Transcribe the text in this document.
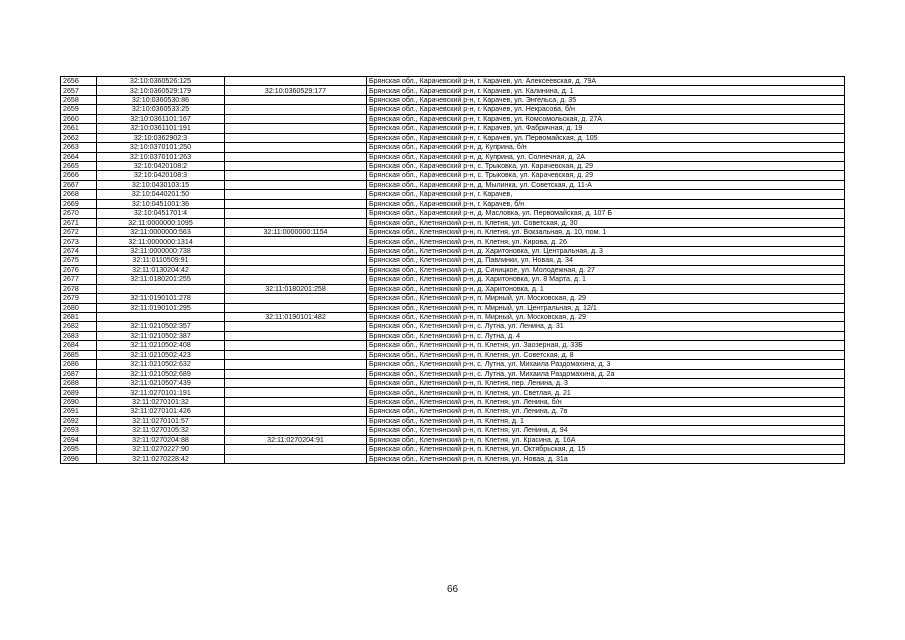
2656	32:10:0360526:125		Брянская обл., Карачевский р-н, г. Карачев, ул. Алексеевская, д. 79А
2657	32:10:0360529:179	32:10:0360529:177	Брянская обл., Карачевский р-н, г. Карачев, ул. Калинина, д. 1
2658	32:10:0360530:86		Брянская обл., Карачевский р-н, г. Карачев, ул. Энгельса, д. 35
2659	32:10:0360533:25		Брянская обл., Карачевский р-н, г. Карачев, ул. Некрасова, б/н
2660	32:10:0361101:167		Брянская обл., Карачевский р-н, г. Карачев, ул. Комсомольская, д. 27А
2661	32:10:0361101:191		Брянская обл., Карачевский р-н, г. Карачев, ул. Фабричная, д. 19
2662	32:10:0362902:3		Брянская обл., Карачевский р-н, г. Карачев, ул. Первомайская, д. 105
2663	32:10:0370101:250		Брянская обл., Карачевский р-н, д. Куприна, б/н
2664	32:10:0370101:263		Брянская обл., Карачевский р-н, д. Куприна, ул. Солнечная, д. 2А
2665	32:10:0420108:2		Брянская обл., Карачевский р-н, с. Трыковка, ул. Карачевская, д. 29
2666	32:10:0420108:3		Брянская обл., Карачевский р-н, с. Трыковка, ул. Карачевская, д. 29
2667	32:10:0430103:15		Брянская обл., Карачевский р-н, д. Мылинка, ул. Советская, д. 11-А
2668	32:10:0440201:50		Брянская обл., Карачевский р-н, г. Карачев,
2669	32:10:0451001:36		Брянская обл., Карачевский р-н, г. Карачев, б/н
2670	32:10:0451701:4		Брянская обл., Карачевский р-н, д. Масловка, ул. Первомайская, д. 107 Б
2671	32:11:0000000:1095		Брянская обл., Клетнянский р-н, п. Клетня, ул. Советская, д. 30
2672	32:11:0000000:563	32:11:0000000:1154	Брянская обл., Клетнянский р-н, п. Клетня, ул. Вокзальная, д. 10, пом. 1
2673	32:11:0000000:1314		Брянская обл., Клетнянский р-н, п. Клетня, ул. Кирова, д. 26
2674	32:11:0000000:738		Брянская обл., Клетнянский р-н, д. Харитоновка, ул. Центральная, д. 3
2675	32:11:0110509:91		Брянская обл., Клетнянский р-н, д. Павлинки, ул. Новая, д. 34
2676	32:11:0130204:42		Брянская обл., Клетнянский р-н, д. Синицкое, ул. Молодежная, д. 27
2677	32:11:0180201:255		Брянская обл., Клетнянский р-н, д. Харитоновка, ул. 8 Марта, д. 1
2678		32:11:0180201:258	Брянская обл., Клетнянский р-н, д. Харитоновка, д. 1
2679	32:11:0190101:278		Брянская обл., Клетнянский р-н, п. Мирный, ул. Московская, д. 29
2680	32:11:0190101:295		Брянская обл., Клетнянский р-н, п. Мирный, ул. Центральная, д. 12/1
2681		32:11:0190101:482	Брянская обл., Клетнянский р-н, п. Мирный, ул. Московская, д. 29
2682	32:11:0210502:357		Брянская обл., Клетнянский р-н, с. Лутна, ул. Ленина, д. 31
2683	32:11:0210502:387		Брянская обл., Клетнянский р-н, с. Лутна, д. 4
2684	32:11:0210502:408		Брянская обл., Клетнянский р-н, п. Клетня, ул. Заозерная, д. 33Б
2685	32:11:0210502:423		Брянская обл., Клетнянский р-н, п. Клетня, ул. Советская, д. 8
2686	32:11:0210502:632		Брянская обл., Клетнянский р-н, с. Лутна, ул. Михаила Раздомахина, д. 3
2687	32:11:0210502:689		Брянская обл., Клетнянский р-н, с. Лутна, ул. Михаила Раздомахина, д. 2а
2688	32:11:0210507:439		Брянская обл., Клетнянский р-н, п. Клетня, пер. Ленина, д. 3
2689	32:11:0270101:191		Брянская обл., Клетнянский р-н, п. Клетня, ул. Светлая, д. 21
2690	32:11:0270101:32		Брянская обл., Клетнянский р-н, п. Клетня, ул. Ленина, б/н
2691	32:11:0270101:426		Брянская обл., Клетнянский р-н, п. Клетня, ул. Ленина, д. 7в
2692	32:11:0270101:57		Брянская обл., Клетнянский р-н, п. Клетня, д. 1
2693	32:11:0270105:32		Брянская обл., Клетнянский р-н, п. Клетня, ул. Ленина, д. 94
2694	32:11:0270204:88	32:11:0270204:91	Брянская обл., Клетнянский р-н, п. Клетня, ул. Красина, д. 16А
2695	32:11:0270227:90		Брянская обл., Клетнянский р-н, п. Клетня, ул. Октябрьская, д. 15
2696	32:11:0270228:42		Брянская обл., Клетнянский р-н, п. Клетня, ул. Новая, д. 31а
66
